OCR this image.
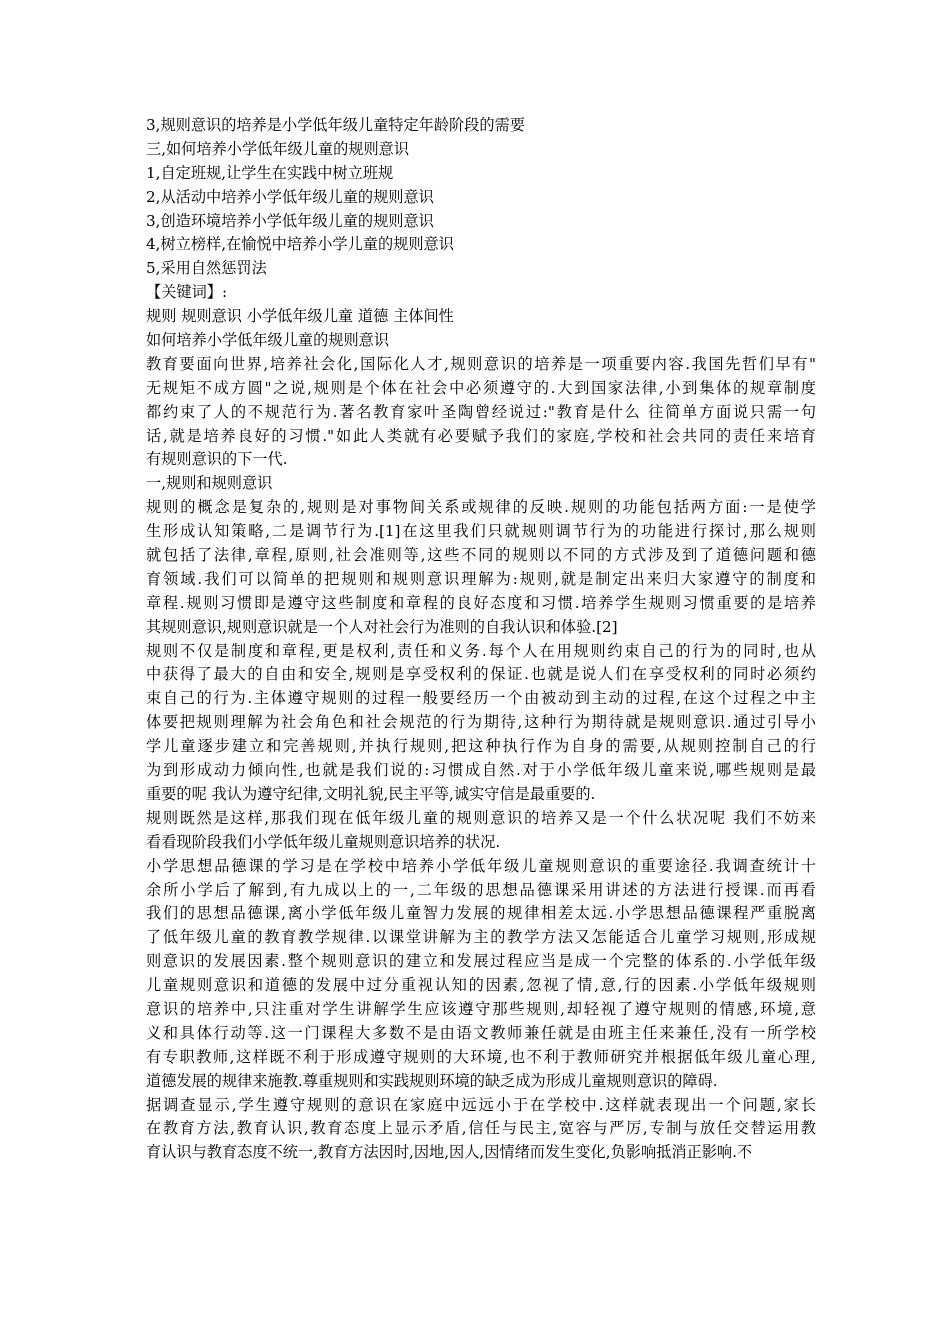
3,规则意识的培养是小学低年级儿童特定年龄阶段的需要
三,如何培养小学低年级儿童的规则意识
1,自定班规,让学生在实践中树立班规
2,从活动中培养小学低年级儿童的规则意识
3,创造环境培养小学低年级儿童的规则意识
4,树立榜样,在愉悦中培养小学儿童的规则意识
5,采用自然惩罚法
【关键词】:
规则 规则意识 小学低年级儿童 道德 主体间性
如何培养小学低年级儿童的规则意识
教育要面向世界,培养社会化,国际化人才,规则意识的培养是一项重要内容.我国先哲们早有"
无规矩不成方圆"之说,规则是个体在社会中必须遵守的.大到国家法律,小到集体的规章制度
都约束了人的不规范行为.著名教育家叶圣陶曾经说过:"教育是什么 往简单方面说只需一句
话,就是培养良好的习惯."如此人类就有必要赋予我们的家庭,学校和社会共同的责任来培育
有规则意识的下一代.
一,规则和规则意识
规则的概念是复杂的,规则是对事物间关系或规律的反映.规则的功能包括两方面:一是使学
生形成认知策略,二是调节行为.[1]在这里我们只就规则调节行为的功能进行探讨,那么规则
就包括了法律,章程,原则,社会准则等,这些不同的规则以不同的方式涉及到了道德问题和德
育领域.我们可以简单的把规则和规则意识理解为:规则,就是制定出来归大家遵守的制度和
章程.规则习惯即是遵守这些制度和章程的良好态度和习惯.培养学生规则习惯重要的是培养
其规则意识,规则意识就是一个人对社会行为准则的自我认识和体验.[2]
规则不仅是制度和章程,更是权利,责任和义务.每个人在用规则约束自己的行为的同时,也从
中获得了最大的自由和安全,规则是享受权利的保证.也就是说人们在享受权利的同时必须约
束自己的行为.主体遵守规则的过程一般要经历一个由被动到主动的过程,在这个过程之中主
体要把规则理解为社会角色和社会规范的行为期待,这种行为期待就是规则意识.通过引导小
学儿童逐步建立和完善规则,并执行规则,把这种执行作为自身的需要,从规则控制自己的行
为到形成动力倾向性,也就是我们说的:习惯成自然.对于小学低年级儿童来说,哪些规则是最
重要的呢 我认为遵守纪律,文明礼貌,民主平等,诚实守信是最重要的.
规则既然是这样,那我们现在低年级儿童的规则意识的培养又是一个什么状况呢 我们不妨来
看看现阶段我们小学低年级儿童规则意识培养的状况.
小学思想品德课的学习是在学校中培养小学低年级儿童规则意识的重要途径.我调查统计十
余所小学后了解到,有九成以上的一,二年级的思想品德课采用讲述的方法进行授课.而再看
我们的思想品德课,离小学低年级儿童智力发展的规律相差太远.小学思想品德课程严重脱离
了低年级儿童的教育教学规律.以课堂讲解为主的教学方法又怎能适合儿童学习规则,形成规
则意识的发展因素.整个规则意识的建立和发展过程应当是成一个完整的体系的.小学低年级
儿童规则意识和道德的发展中过分重视认知的因素,忽视了情,意,行的因素.小学低年级规则
意识的培养中,只注重对学生讲解学生应该遵守那些规则,却轻视了遵守规则的情感,环境,意
义和具体行动等.这一门课程大多数不是由语文教师兼任就是由班主任来兼任,没有一所学校
有专职教师,这样既不利于形成遵守规则的大环境,也不利于教师研究并根据低年级儿童心理,
道德发展的规律来施教.尊重规则和实践规则环境的缺乏成为形成儿童规则意识的障碍.
据调查显示,学生遵守规则的意识在家庭中远远小于在学校中.这样就表现出一个问题,家长
在教育方法,教育认识,教育态度上显示矛盾,信任与民主,宽容与严厉,专制与放任交替运用教
育认识与教育态度不统一,教育方法因时,因地,因人,因情绪而发生变化,负影响抵消正影响.不
